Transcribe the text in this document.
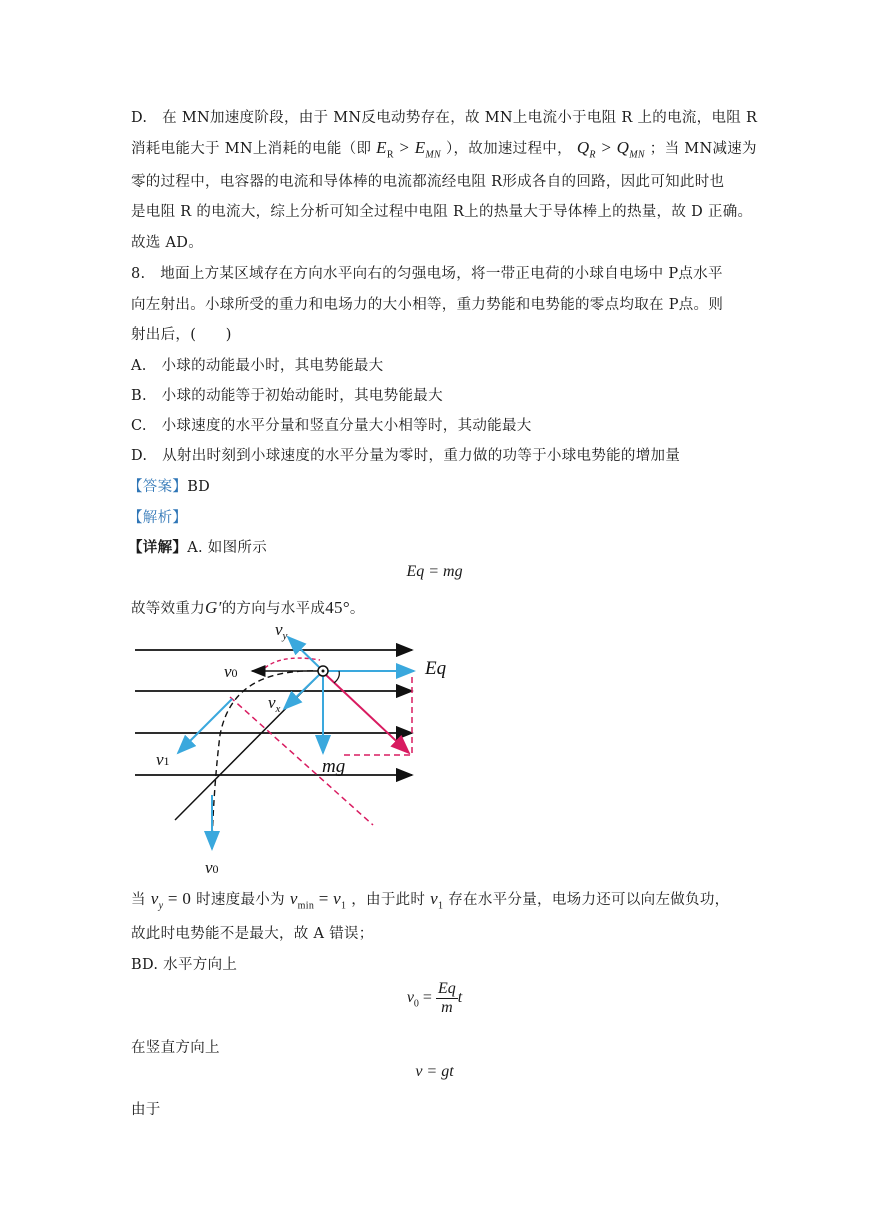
D.　在 MN加速度阶段，由于 MN反电动势存在，故 MN上电流小于电阻 R 上的电流，电阻 R
消耗电能大于 MN上消耗的电能（即 $E_R > E_{MN}$ ），故加速过程中， $Q_R > Q_{MN}$ ；当 MN减速为
零的过程中，电容器的电流和导体棒的电流都流经电阻 R形成各自的回路，因此可知此时也
是电阻 R 的电流大，综上分析可知全过程中电阻 R上的热量大于导体棒上的热量，故 D 正确。
故选 AD。
8.　地面上方某区域存在方向水平向右的匀强电场，将一带正电荷的小球自电场中 P点水平
向左射出。小球所受的重力和电场力的大小相等，重力势能和电势能的零点均取在 P点。则
射出后，(　　)
A.　小球的动能最小时，其电势能最大
B.　小球的动能等于初始动能时，其电势能最大
C.　小球速度的水平分量和竖直分量大小相等时，其动能最大
D.　从射出时刻到小球速度的水平分量为零时，重力做的功等于小球电势能的增加量
【答案】BD
【解析】
【详解】A. 如图所示
Eq = mg
故等效重力G′的方向与水平成45°。
$v_y$
v0	Eq
$v_x$
v1	mg
v0
当 $v_y = 0$ 时速度最小为 $v_{min} = v_1$ ，由于此时 $v_1$ 存在水平分量，电场力还可以向左做负功，
故此时电势能不是最大，故 A 错误；
BD. 水平方向上
$v_0 = \frac{Eq}{m}$ t
在竖直方向上
v = gt
由于
